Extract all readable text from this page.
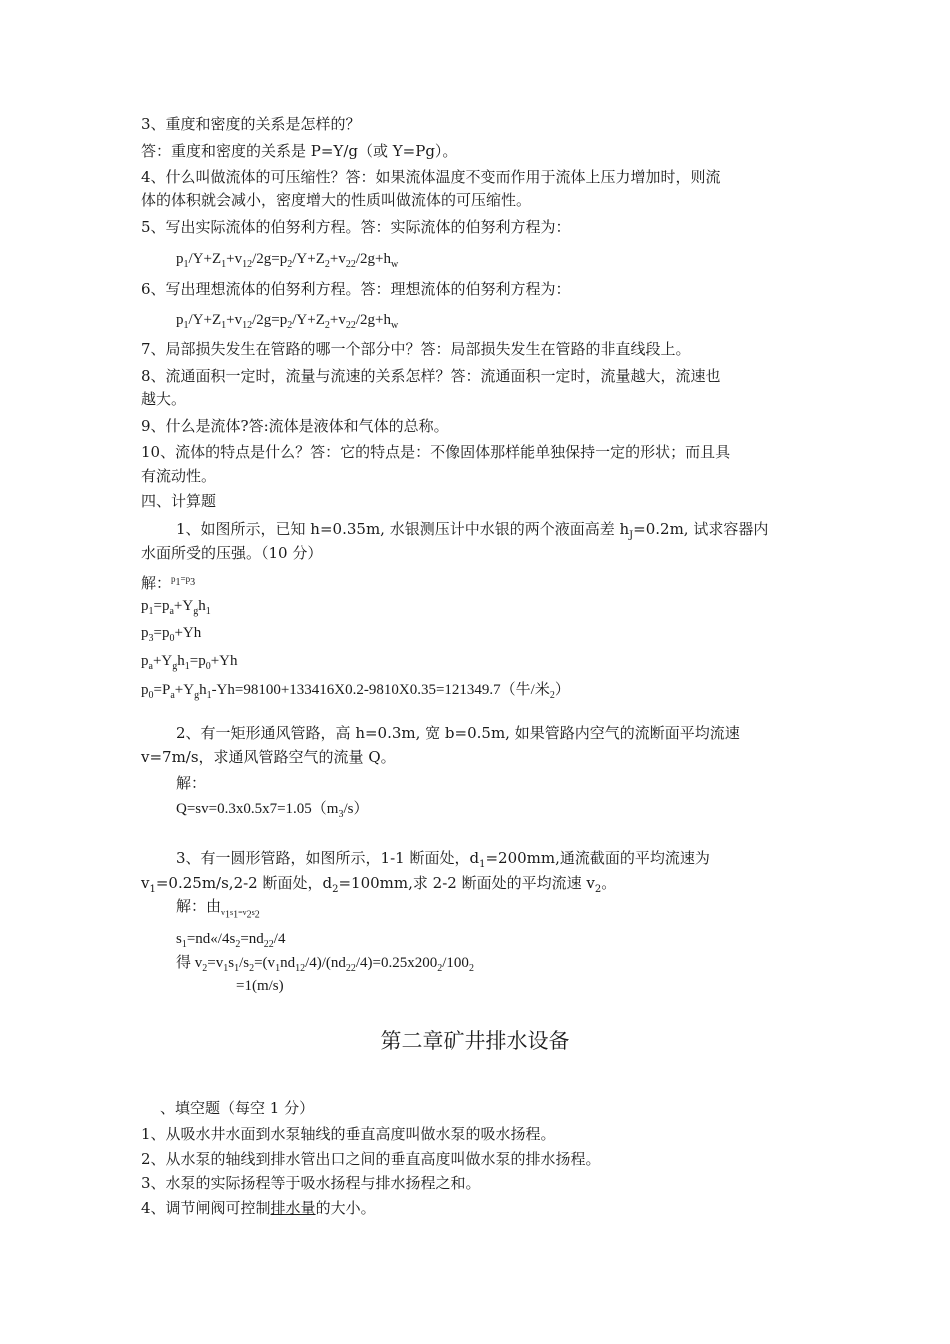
3、重度和密度的关系是怎样的？
答：重度和密度的关系是 P=Y/g（或 Y=Pg）。
4、什么叫做流体的可压缩性？答：如果流体温度不变而作用于流体上压力增加时，则流
体的体积就会减小，密度增大的性质叫做流体的可压缩性。
5、写出实际流体的伯努利方程。答：实际流体的伯努利方程为：
$p_1/Y+Z_1+v_{12}/2g=p_2/Y+Z_2+v_{22}/2g+h_w$
6、写出理想流体的伯努利方程。答：理想流体的伯努利方程为：
$p_1/Y+Z_1+v_{12}/2g=p_2/Y+Z_2+v_{22}/2g+h_w$
7、局部损失发生在管路的哪一个部分中？答：局部损失发生在管路的非直线段上。
8、流通面积一定时，流量与流速的关系怎样？答：流通面积一定时，流量越大，流速也
越大。
9、什么是流体?答:流体是液体和气体的总称。
10、流体的特点是什么？答：它的特点是：不像固体那样能单独保持一定的形状；而且具
有流动性。
四、计算题
1、如图所示，已知 h=0.35m, 水银测压计中水银的两个液面高差 $h_J=0.2m$, 试求容器内
水面所受的压强。（10 分）
解：$^{p_1=p_3}$
$p_1=p_a+Y_gh_1$
$p_3=p_0+Yh$
$p_a+Y_gh_1=p_0+Yh$
$p_0=P_a+Y_gh_1-Yh=98100+133416X0.2-9810X0.35=121349.7$（牛/米$_2$）
2、有一矩形通风管路，高 h=0.3m, 宽 b=0.5m, 如果管路内空气的流断面平均流速
v=7m/s，求通风管路空气的流量 Q。
解：
$Q=sv=0.3x0.5x7=1.05(m_3/s)$
3、有一圆形管路，如图所示，1-1 断面处，$d_1=200mm$,通流截面的平均流速为
$v_1=0.25m/s,2-2$ 断面处，$d_2=100mm$,求 2-2 断面处的平均流速 $v_2$。
解：由$_{v_1s_1=v_2s_2}$
$s_1=nd«/4s_2=nd_{22}/4$
得 $v_2=v_1s_1/s_2=(v_1nd_{12}/4)/(nd_{22}/4)=0.25x200_2/100_2$
=1(m/s)
第二章矿井排水设备
、填空题（每空 1 分）
1、从吸水井水面到水泵轴线的垂直高度叫做水泵的吸水扬程。
2、从水泵的轴线到排水管出口之间的垂直高度叫做水泵的排水扬程。
3、水泵的实际扬程等于吸水扬程与排水扬程之和。
4、调节闸阀可控制排水量的大小。
